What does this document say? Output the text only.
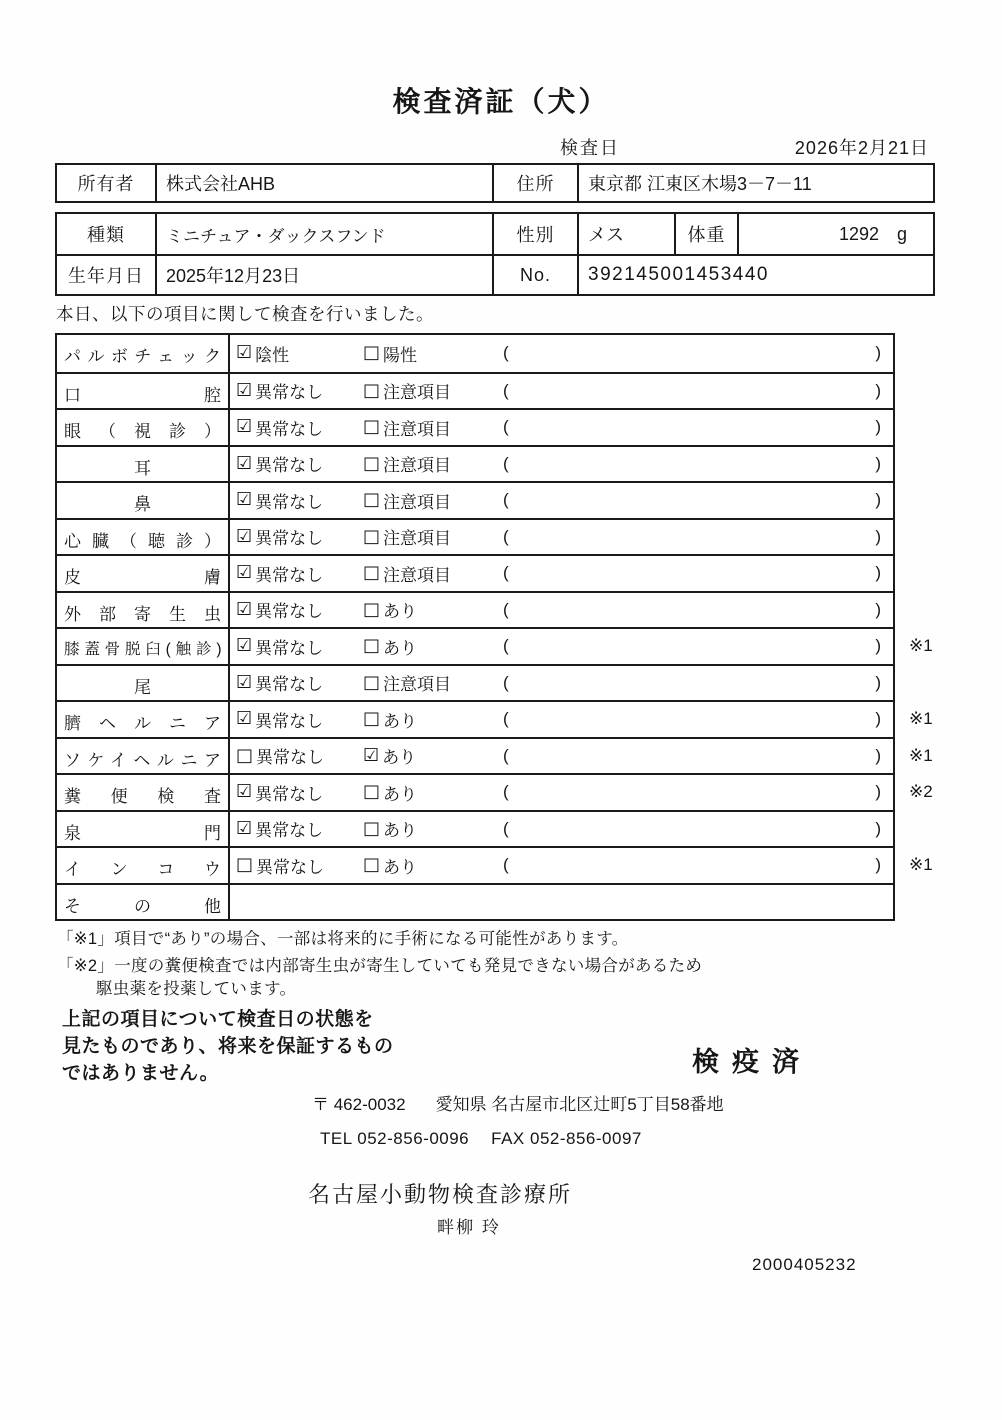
検査済証（犬）
検査日	2026年2月21日
所有者	株式会社AHB	住所	東京都 江東区木場3－7－11
種類	ミニチュア・ダックスフンド	性別	メス	体重	1292 g
生年月日	2025年12月23日	No.	392145001453440
本日、以下の項目に関して検査を行いました。
パルボチェック ☑ 陰性	□ 陽性	(	)
口腔 ☑ 異常なし □ 注意項目	(	)
眼（視診） ☑ 異常なし □ 注意項目	(	)
耳	☑ 異常なし □ 注意項目	(	)
鼻	☑ 異常なし □ 注意項目	(	)
心臓（聴診） ☑ 異常なし □ 注意項目	(	)
皮膚 ☑ 異常なし □ 注意項目	(	)
外部寄生虫 ☑ 異常なし □ あり	(	)
膝蓋骨脱臼(触診) ☑ 異常なし □ あり	(	) ※1
尾	☑ 異常なし □ 注意項目	(	)
臍ヘルニア ☑ 異常なし □ あり	(	) ※1
ソケイヘルニア □ 異常なし ☑ あり	(	) ※1
糞便検査 ☑ 異常なし □ あり	(	) ※2
泉門 ☑ 異常なし □ あり	(	)
インコウ □ 異常なし □ あり	(	) ※1
その他
「※1」項目で“あり”の場合、一部は将来的に手術になる可能性があります。
「※2」一度の糞便検査では内部寄生虫が寄生していても発見できない場合があるため
駆虫薬を投薬しています。
上記の項目について検査日の状態を
見たものであり、将来を保証するもの
ではありません。	検疫済
〒 462-0032 愛知県 名古屋市北区辻町5丁目58番地
TEL 052-856-0096 FAX 052-856-0097
名古屋小動物検査診療所
畔柳 玲
2000405232
